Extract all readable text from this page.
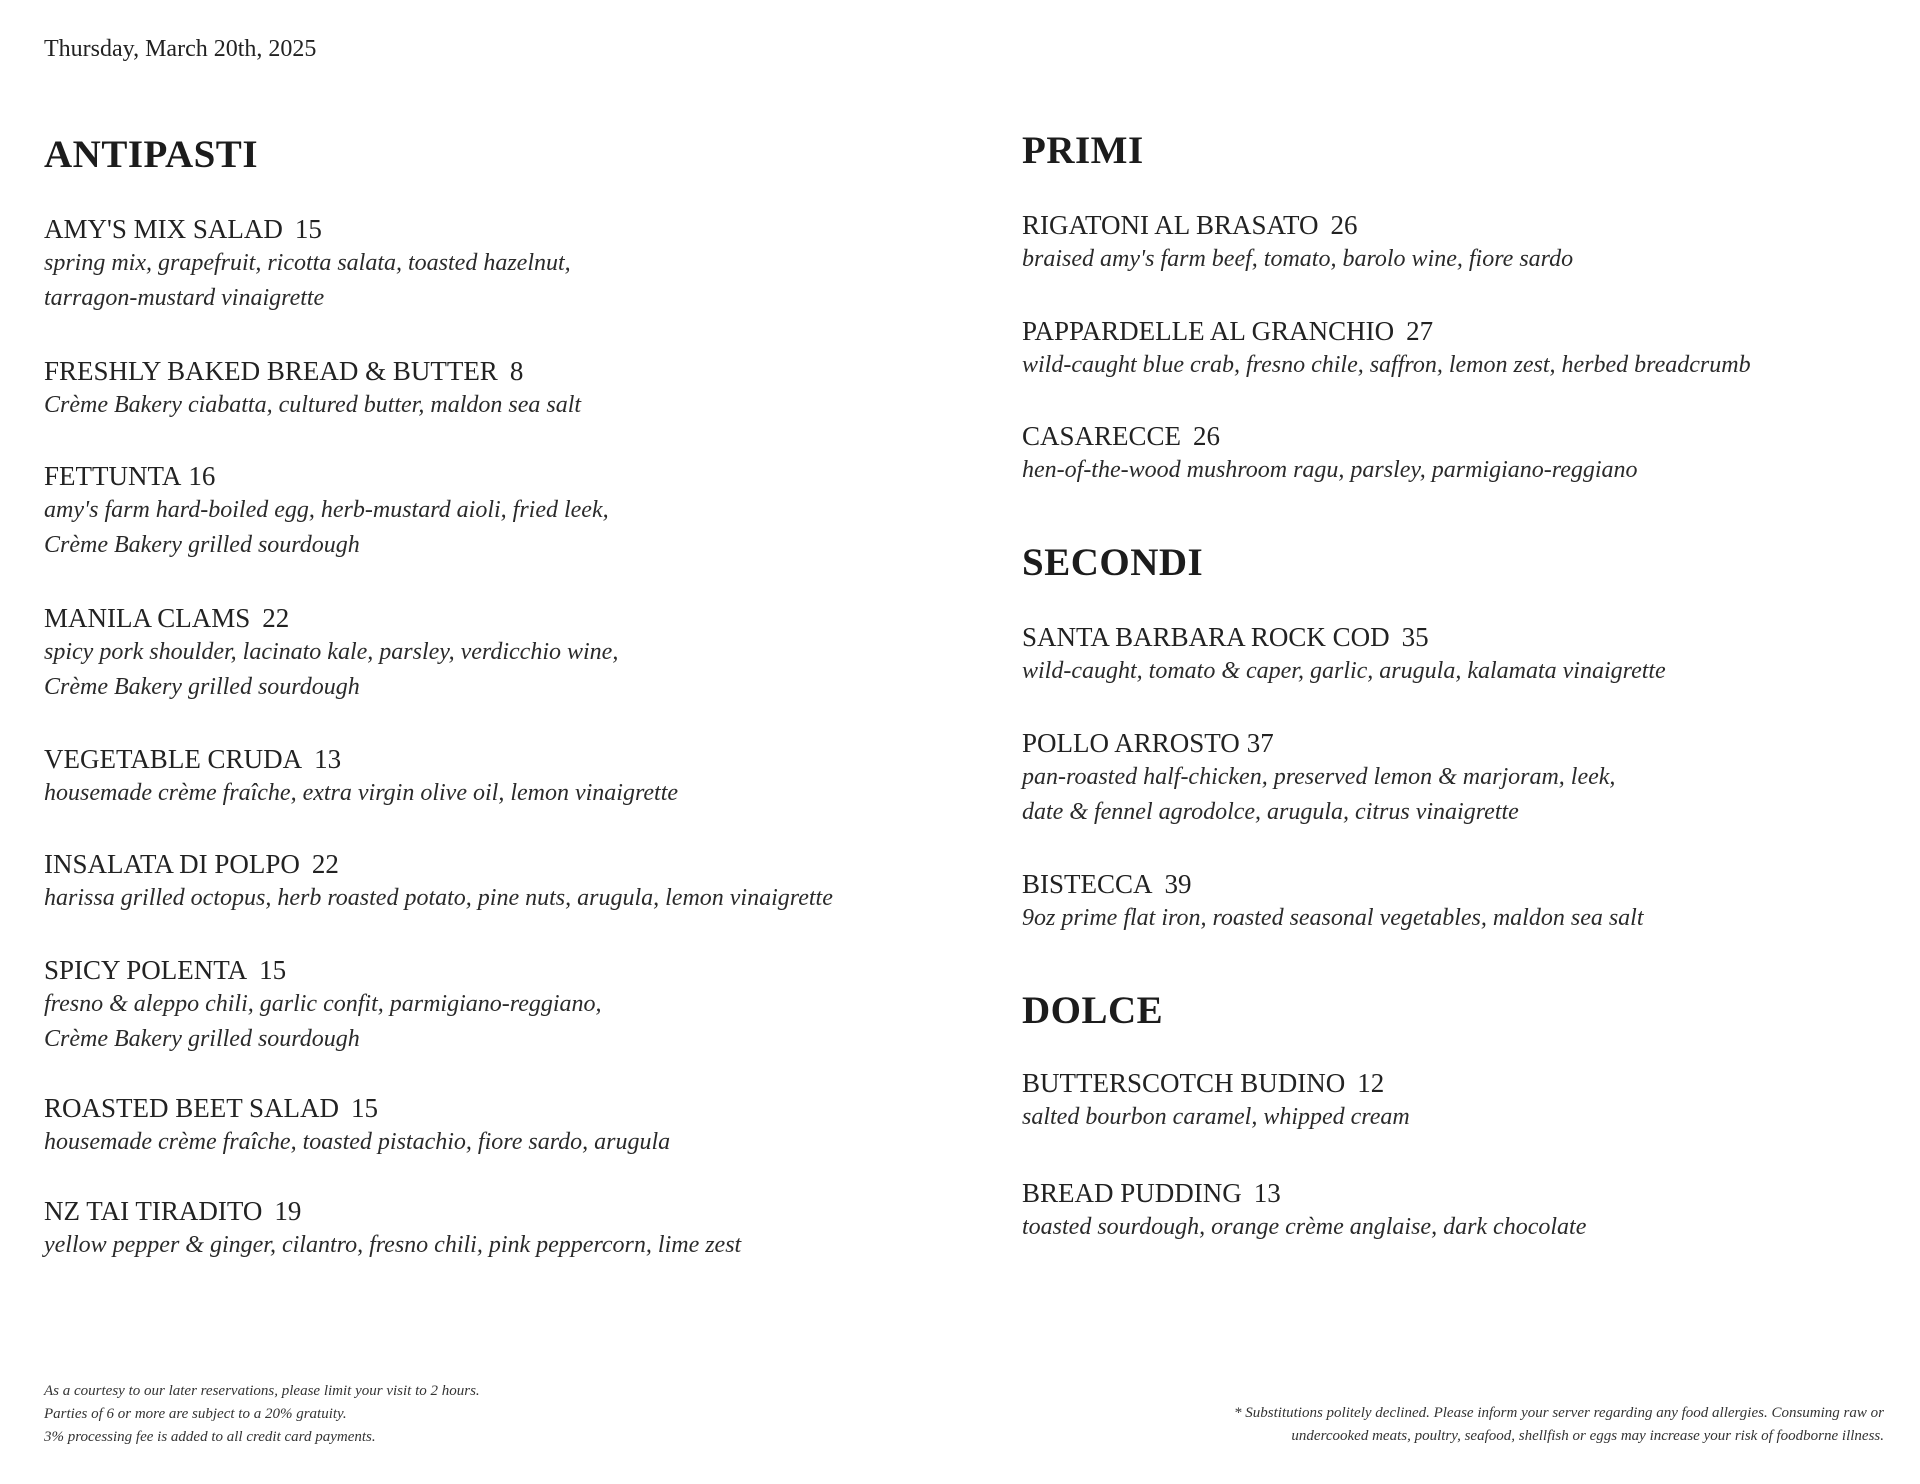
Thursday, March 20th, 2025
ANTIPASTI
AMY'S MIX SALAD 15
spring mix, grapefruit, ricotta salata, toasted hazelnut,
tarragon-mustard vinaigrette
FRESHLY BAKED BREAD & BUTTER 8
Crème Bakery ciabatta, cultured butter, maldon sea salt
FETTUNTA 16
amy's farm hard-boiled egg, herb-mustard aioli, fried leek,
Crème Bakery grilled sourdough
MANILA CLAMS 22
spicy pork shoulder, lacinato kale, parsley, verdicchio wine,
Crème Bakery grilled sourdough
VEGETABLE CRUDA 13
housemade crème fraîche, extra virgin olive oil, lemon vinaigrette
INSALATA DI POLPO 22
harissa grilled octopus, herb roasted potato, pine nuts, arugula, lemon vinaigrette
SPICY POLENTA 15
fresno & aleppo chili, garlic confit, parmigiano-reggiano,
Crème Bakery grilled sourdough
ROASTED BEET SALAD 15
housemade crème fraîche, toasted pistachio, fiore sardo, arugula
NZ TAI TIRADITO 19
yellow pepper & ginger, cilantro, fresno chili, pink peppercorn, lime zest
PRIMI
RIGATONI AL BRASATO 26
braised amy's farm beef, tomato, barolo wine, fiore sardo
PAPPARDELLE AL GRANCHIO 27
wild-caught blue crab, fresno chile, saffron, lemon zest, herbed breadcrumb
CASARECCE 26
hen-of-the-wood mushroom ragu, parsley, parmigiano-reggiano
SECONDI
SANTA BARBARA ROCK COD 35
wild-caught, tomato & caper, garlic, arugula, kalamata vinaigrette
POLLO ARROSTO 37
pan-roasted half-chicken, preserved lemon & marjoram, leek,
date & fennel agrodolce, arugula, citrus vinaigrette
BISTECCA 39
9oz prime flat iron, roasted seasonal vegetables, maldon sea salt
DOLCE
BUTTERSCOTCH BUDINO 12
salted bourbon caramel, whipped cream
BREAD PUDDING 13
toasted sourdough, orange crème anglaise, dark chocolate
As a courtesy to our later reservations, please limit your visit to 2 hours.
Parties of 6 or more are subject to a 20% gratuity.
3% processing fee is added to all credit card payments.
* Substitutions politely declined. Please inform your server regarding any food allergies. Consuming raw or
undercooked meats, poultry, seafood, shellfish or eggs may increase your risk of foodborne illness.
